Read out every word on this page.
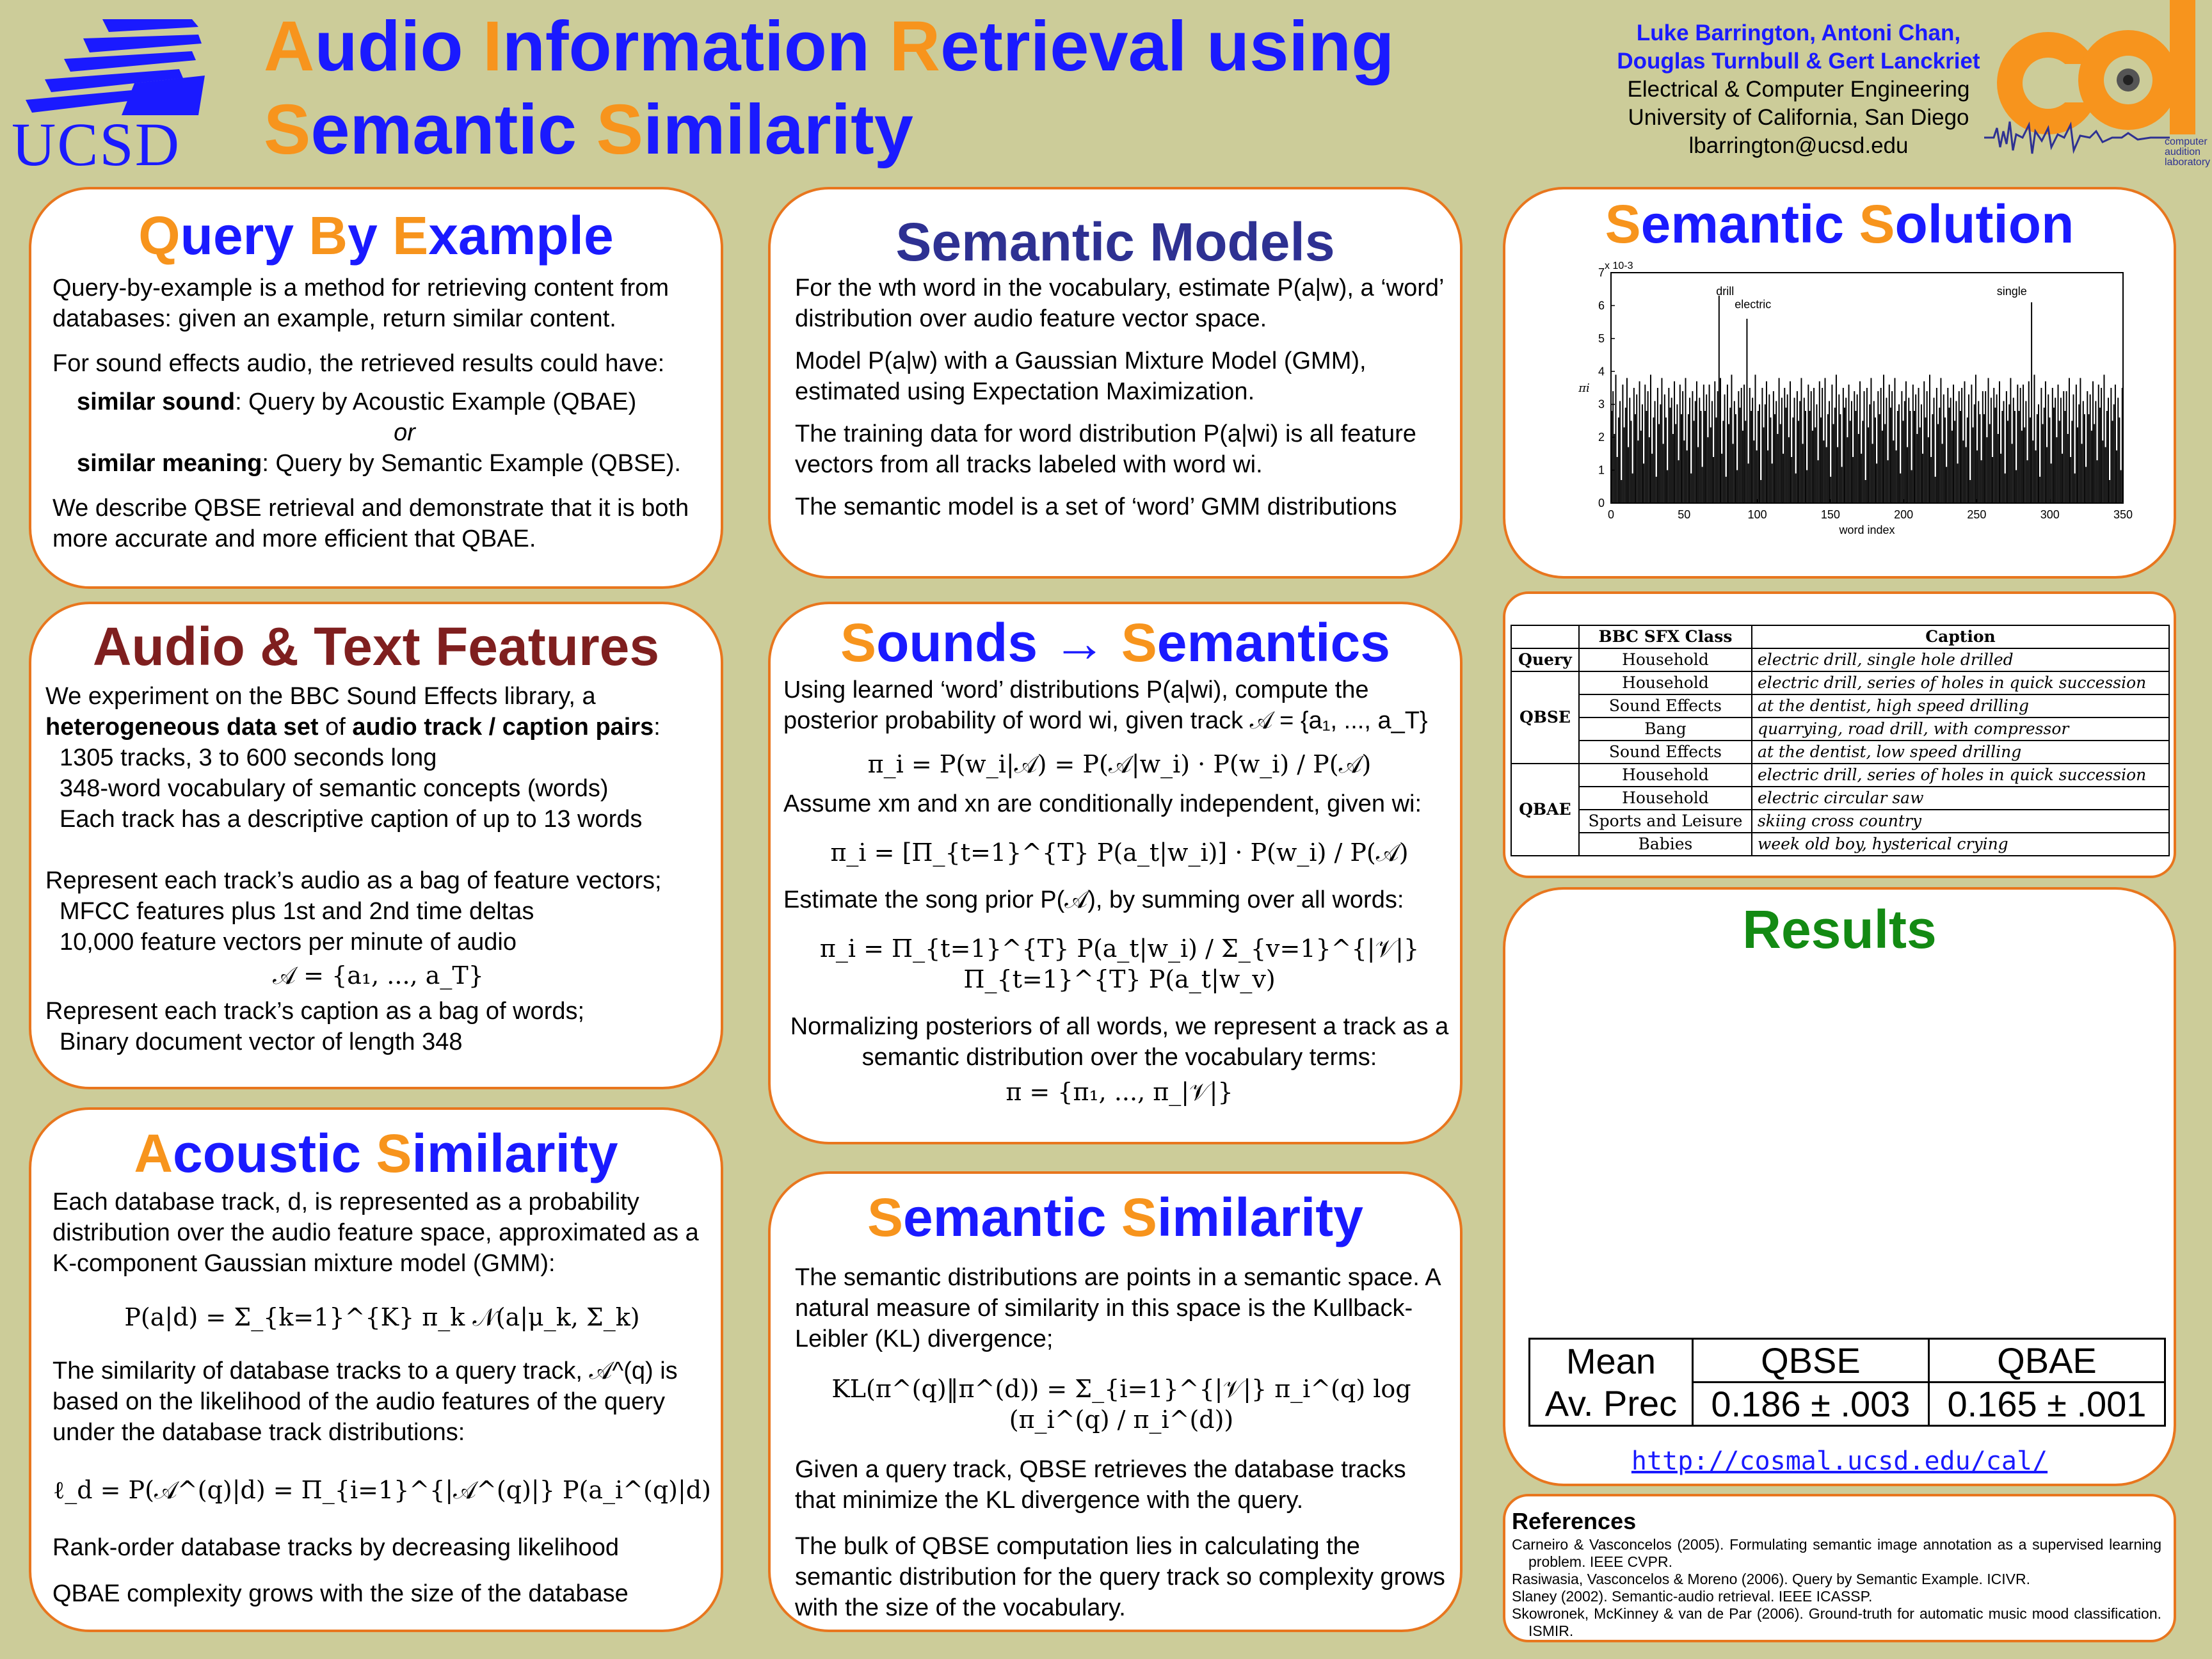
UCSD
Audio Information Retrieval using
Semantic Similarity
Luke Barrington, Antoni Chan,
Douglas Turnbull & Gert Lanckriet
Electrical & Computer Engineering
University of California, San Diego
lbarrington@ucsd.edu	computer
audition
laboratory
Query By Example

Query-by-example is a method for retrieving content from databases: given an example, return similar content.

For sound effects audio, the retrieved results could have:

similar sound: Query by Acoustic Example (QBAE)

or

similar meaning: Query by Semantic Example (QBSE).

We describe QBSE retrieval and demonstrate that it is both more accurate and more efficient that QBAE.

Audio & Text Features

We experiment on the BBC Sound Effects library, a

heterogeneous data set of audio track / caption pairs:

1305 tracks, 3 to 600 seconds long

348-word vocabulary of semantic concepts (words)

Each track has a descriptive caption of up to 13 words

Represent each track’s audio as a bag of feature vectors;

MFCC features plus 1st and 2nd time deltas

10,000 feature vectors per minute of audio

𝒜 = {a₁, ..., a_T}

Represent each track’s caption as a bag of words;

Binary document vector of length 348

Acoustic Similarity

Each database track, d, is represented as a probability distribution over the audio feature space, approximated as a K-component Gaussian mixture model (GMM):

P(a|d) = Σ_{k=1}^{K} π_k 𝒩(a|μ_k, Σ_k)

The similarity of database tracks to a query track, 𝒜^(q) is based on the likelihood of the audio features of the query under the database track distributions:

ℓ_d = P(𝒜^(q)|d) = Π_{i=1}^{|𝒜^(q)|} P(a_i^(q)|d)

Rank-order database tracks by decreasing likelihood

QBAE complexity grows with the size of the database

Semantic Models

For the wth word in the vocabulary, estimate P(a|w), a ‘word’ distribution over audio feature vector space.

Model P(a|w) with a Gaussian Mixture Model (GMM), estimated using Expectation Maximization.

The training data for word distribution P(a|wi) is all feature vectors from all tracks labeled with word wi.

The semantic model is a set of ‘word’ GMM distributions

Sounds → Semantics

Using learned ‘word’ distributions P(a|wi), compute the posterior probability of word wi, given track 𝒜 = {a₁, ..., a_T}

π_i = P(w_i|𝒜) = P(𝒜|w_i) · P(w_i) / P(𝒜)

Assume xm and xn are conditionally independent, given wi:

π_i = [Π_{t=1}^{T} P(a_t|w_i)] · P(w_i) / P(𝒜)

Estimate the song prior P(𝒜), by summing over all words:

π_i = Π_{t=1}^{T} P(a_t|w_i) / Σ_{v=1}^{|𝒱|} Π_{t=1}^{T} P(a_t|w_v)

Normalizing posteriors of all words, we represent a track as a semantic distribution over the vocabulary terms:

π = {π₁, ..., π_|𝒱|}

Semantic Similarity

The semantic distributions are points in a semantic space. A natural measure of similarity in this space is the Kullback-Leibler (KL) divergence;

KL(π^(q)‖π^(d)) = Σ_{i=1}^{|𝒱|} π_i^(q) log (π_i^(q) / π_i^(d))

Given a query track, QBSE retrieves the database tracks that minimize the KL divergence with the query.

The bulk of QBSE computation lies in calculating the semantic distribution for the query track so complexity grows with the size of the vocabulary.

Semantic Solution
0	50	100	150	200	250	300	350
0
1
2
3
4
5
6
7
x 10-3
word index
πi
drill
electric
single
	BBC SFX Class	Caption
Query	Household	electric drill, single hole drilled
QBSE	Household	electric drill, series of holes in quick succession
	Sound Effects	at the dentist, high speed drilling
	Bang	quarrying, road drill, with compressor
	Sound Effects	at the dentist, low speed drilling
QBAE	Household	electric drill, series of holes in quick succession
	Household	electric circular saw
	Sports and Leisure	skiing cross country
	Babies	week old boy, hysterical crying
Results
Mean	QBSE	QBAE
Av. Prec	0.186 ± .003	0.165 ± .001
http://cosmal.ucsd.edu/cal/
References

Carneiro & Vasconcelos (2005). Formulating semantic image annotation as a supervised learning problem. IEEE CVPR.

Rasiwasia, Vasconcelos & Moreno (2006). Query by Semantic Example. ICIVR.

Slaney (2002). Semantic-audio retrieval. IEEE ICASSP.

Skowronek, McKinney & van de Par (2006). Ground-truth for automatic music mood classification. ISMIR.
